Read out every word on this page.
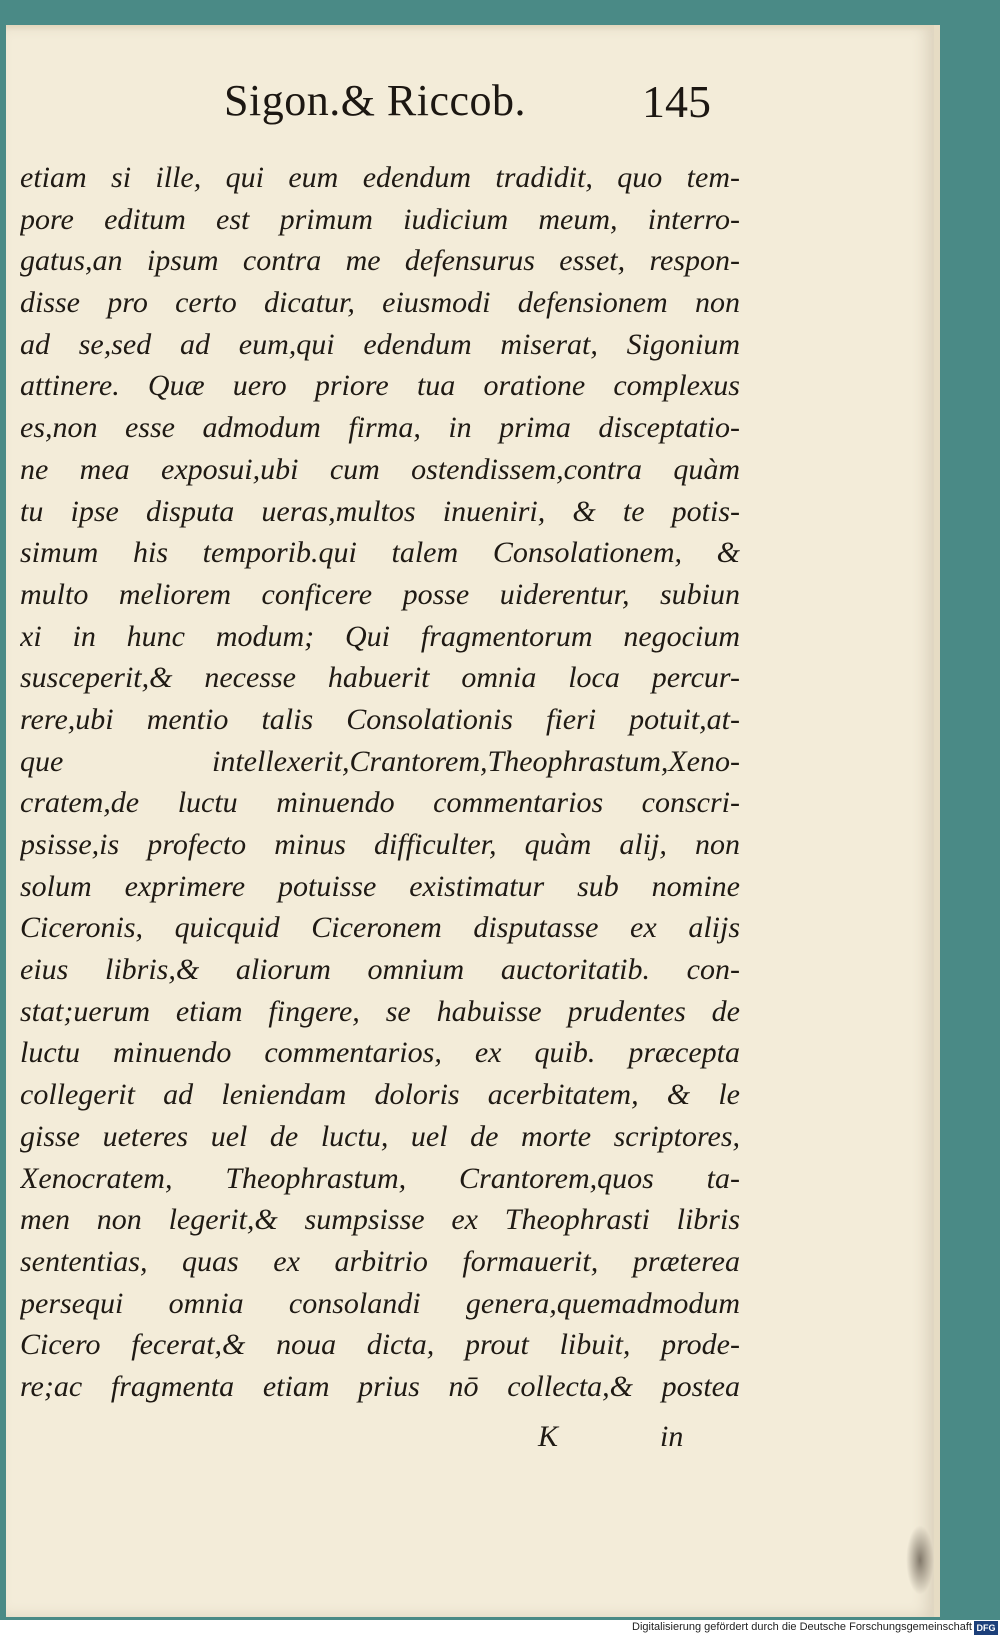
Sigon.& Riccob.	145
etiam si ille, qui eum edendum tradidit, quo tem-
pore editum est primum iudicium meum, interro-
gatus,an ipsum contra me defensurus esset, respon-
disse pro certo dicatur, eiusmodi defensionem non
ad se,sed ad eum,qui edendum miserat, Sigonium
attinere. Quæ uero priore tua oratione complexus
es,non esse admodum firma, in prima disceptatio-
ne mea exposui,ubi cum ostendissem,contra quàm
tu ipse disputa ueras,multos inueniri, & te potis-
simum his temporib.qui talem Consolationem, &
multo meliorem conficere posse uiderentur, subiun
xi in hunc modum; Qui fragmentorum negocium
susceperit,& necesse habuerit omnia loca percur-
rere,ubi mentio talis Consolationis fieri potuit,at-
que intellexerit,Crantorem,Theophrastum,Xeno-
cratem,de luctu minuendo commentarios conscri-
psisse,is profecto minus difficulter, quàm alij, non
solum exprimere potuisse existimatur sub nomine
Ciceronis, quicquid Ciceronem disputasse ex alijs
eius libris,& aliorum omnium auctoritatib. con-
stat;uerum etiam fingere, se habuisse prudentes de
luctu minuendo commentarios, ex quib. præcepta
collegerit ad leniendam doloris acerbitatem, & le
gisse ueteres uel de luctu, uel de morte scriptores,
Xenocratem, Theophrastum, Crantorem,quos ta-
men non legerit,& sumpsisse ex Theophrasti libris
sententias, quas ex arbitrio formauerit, præterea
persequi omnia consolandi genera,quemadmodum
Cicero fecerat,& noua dicta, prout libuit, prode-
re;ac fragmenta etiam prius nō collecta,& postea
K	in
Digitalisierung gefördert durch die Deutsche Forschungsgemeinschaft DFG
